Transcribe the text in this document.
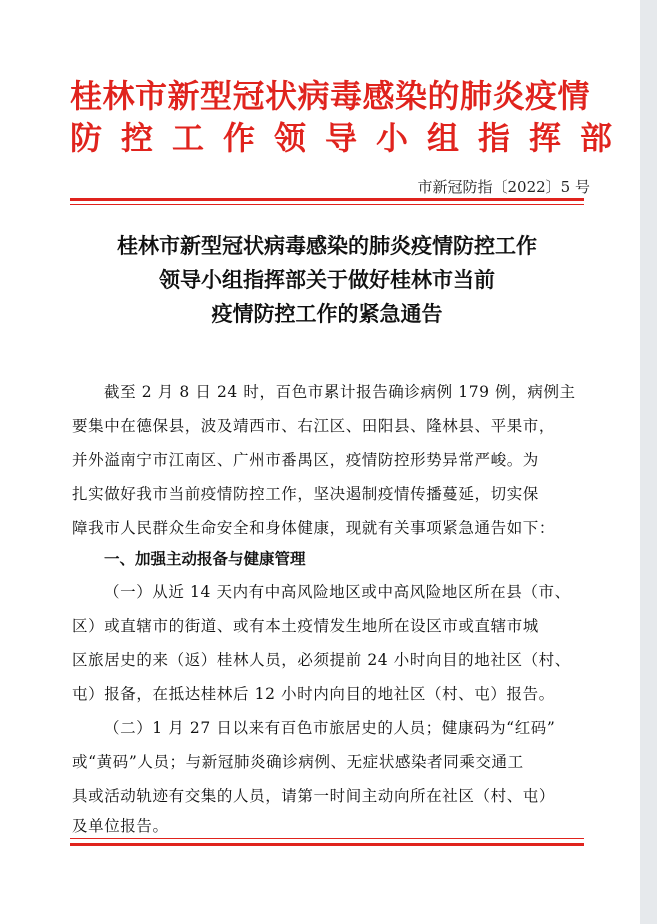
桂林市新型冠状病毒感染的肺炎疫情
防控工作领导小组指挥部
市新冠防指〔2022〕5 号
桂林市新型冠状病毒感染的肺炎疫情防控工作
领导小组指挥部关于做好桂林市当前
疫情防控工作的紧急通告
截至 2 月 8 日 24 时，百色市累计报告确诊病例 179 例，病例主
要集中在德保县，波及靖西市、右江区、田阳县、隆林县、平果市，
并外溢南宁市江南区、广州市番禺区，疫情防控形势异常严峻。为
扎实做好我市当前疫情防控工作，坚决遏制疫情传播蔓延，切实保
障我市人民群众生命安全和身体健康，现就有关事项紧急通告如下：
一、加强主动报备与健康管理
（一）从近 14 天内有中高风险地区或中高风险地区所在县（市、
区）或直辖市的街道、或有本土疫情发生地所在设区市或直辖市城
区旅居史的来（返）桂林人员，必须提前 24 小时向目的地社区（村、
屯）报备，在抵达桂林后 12 小时内向目的地社区（村、屯）报告。
（二）1 月 27 日以来有百色市旅居史的人员；健康码为“红码”
或“黄码”人员；与新冠肺炎确诊病例、无症状感染者同乘交通工
具或活动轨迹有交集的人员，请第一时间主动向所在社区（村、屯）
及单位报告。
